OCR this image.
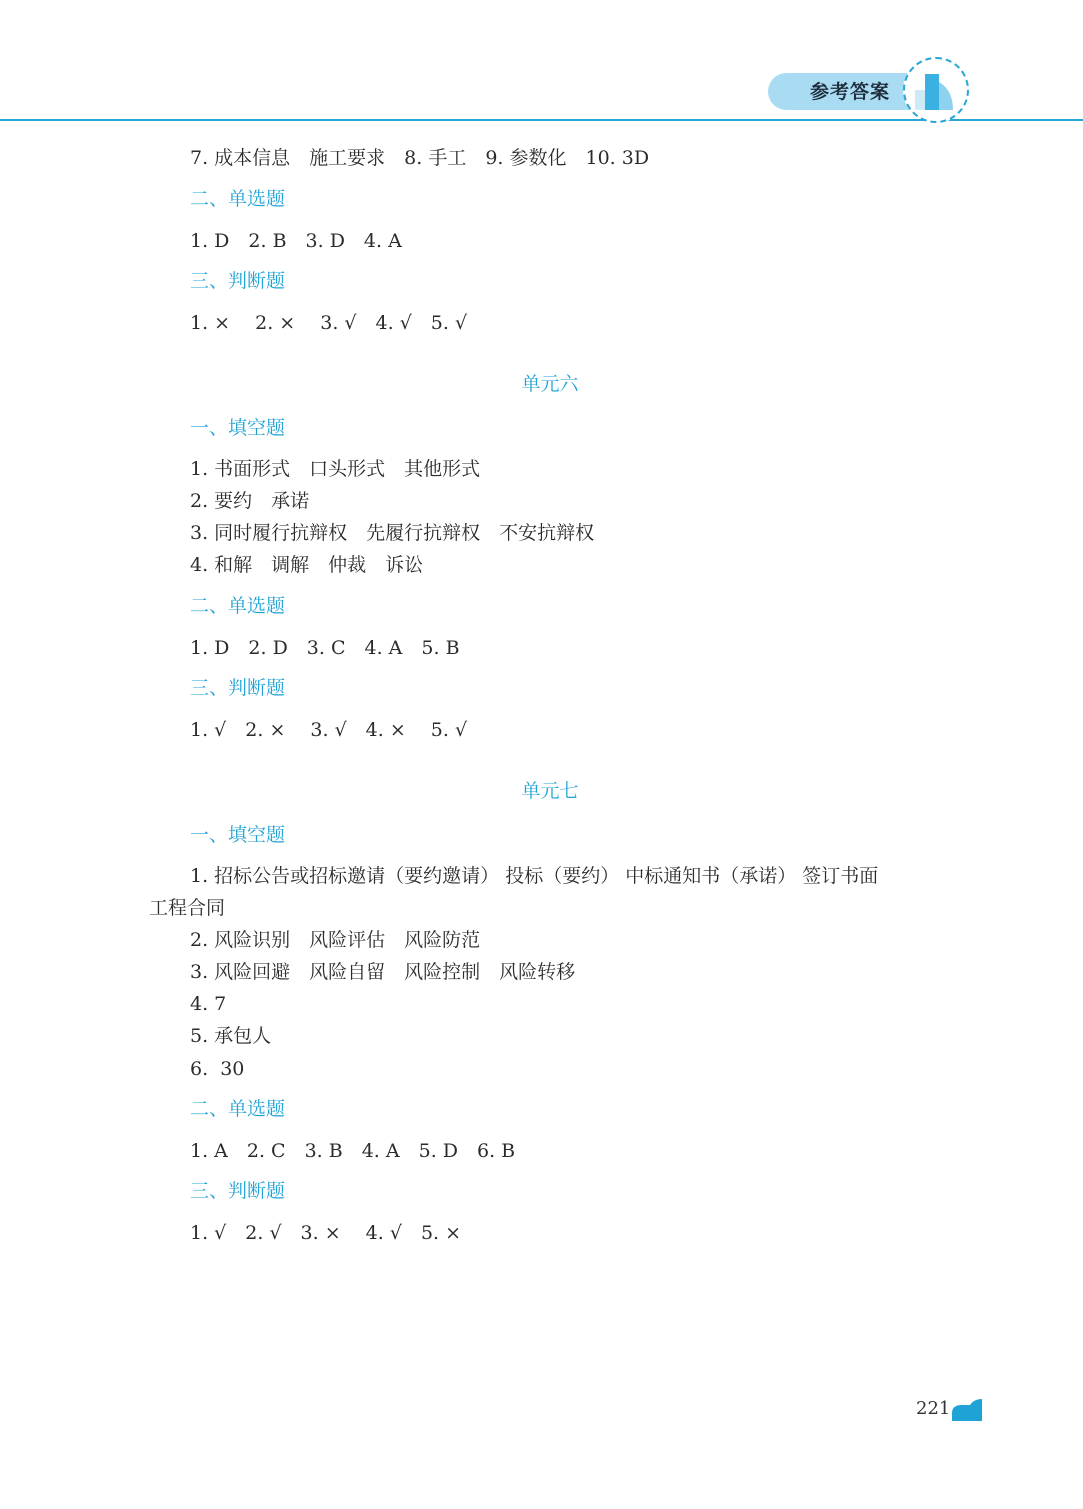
参考答案
7. 成本信息　施工要求　8. 手工　9. 参数化　10. 3D
二、单选题
1. D　2. B　3. D　4. A
三、判断题
1. ×　 2. ×　 3. √　4. √　5. √
单元六
一、填空题
1. 书面形式　口头形式　其他形式
2. 要约　承诺
3. 同时履行抗辩权　先履行抗辩权　不安抗辩权
4. 和解　调解　仲裁　诉讼
二、单选题
1. D　2. D　3. C　4. A　5. B
三、判断题
1. √　2. ×　 3. √　4. ×　 5. √
单元七
一、填空题
1. 招标公告或招标邀请（要约邀请） 投标（要约） 中标通知书（承诺） 签订书面
工程合同
2. 风险识别　风险评估　风险防范
3. 风险回避　风险自留　风险控制　风险转移
4. 7
5. 承包人
6.  30
二、单选题
1. A　2. C　3. B　4. A　5. D　6. B
三、判断题
1. √　2. √　3. ×　 4. √　5. ×
221
